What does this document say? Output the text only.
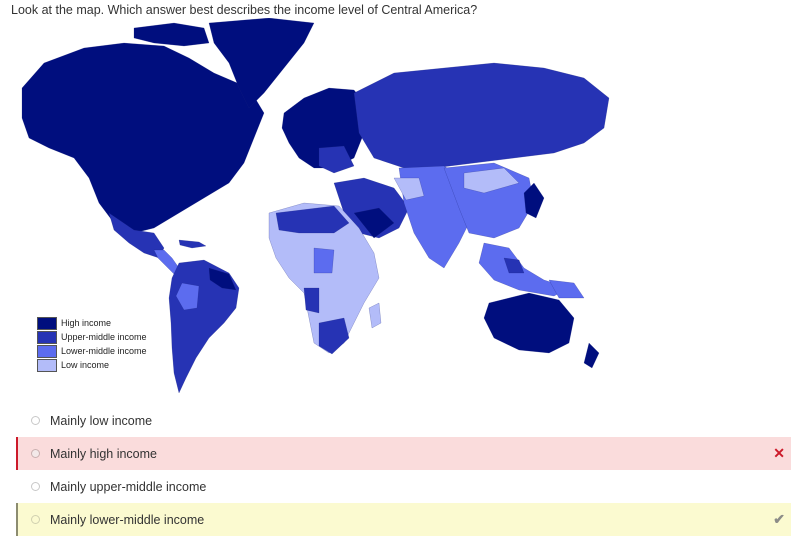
Look at the map. Which answer best describes the income level of Central America?
High income
Upper-middle income
Lower-middle income
Low income
Mainly low income
Mainly high income	✕
Mainly upper-middle income
Mainly lower-middle income	✔
